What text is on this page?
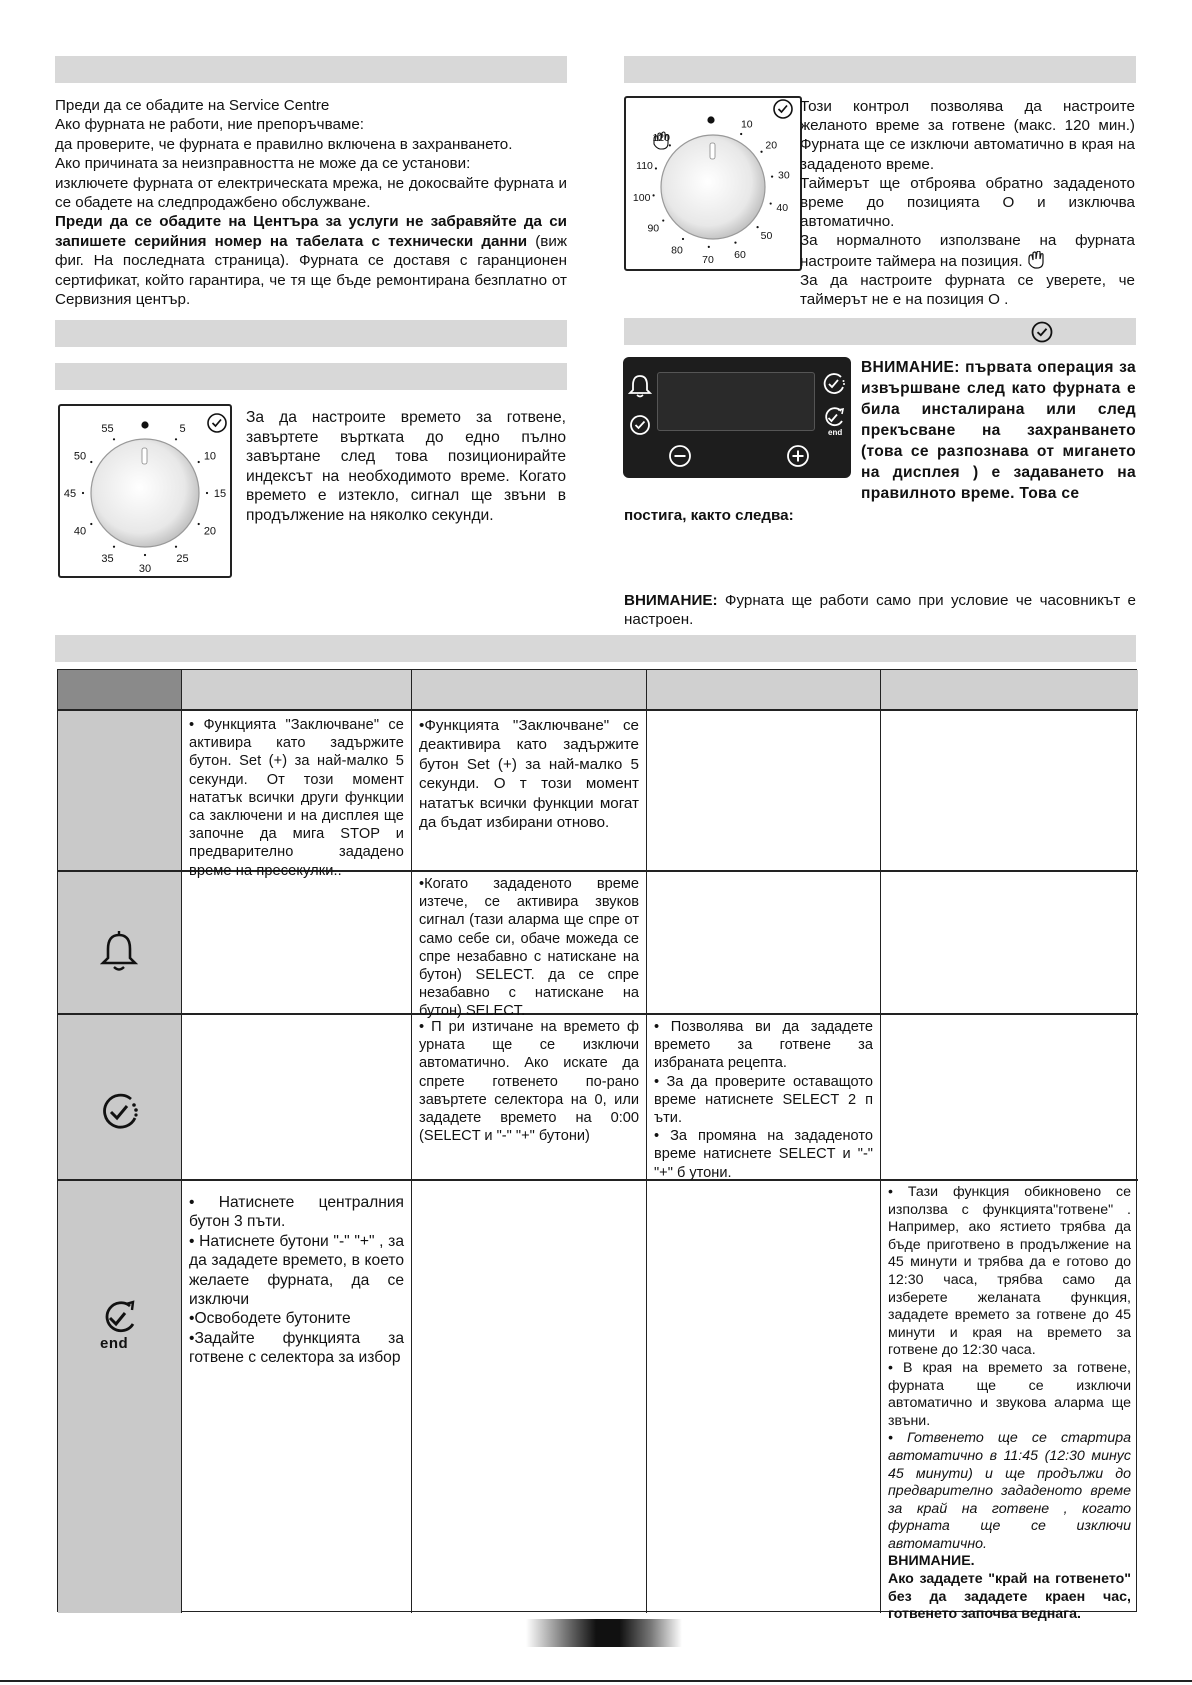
Преди да се обадите на Service Centre

Ако фурната не работи, ние препоръчваме:

да проверите, че фурната е правилно включена в захранването.

Ако причината за неизправността не може да се установи:

изключете фурната от електрическата мрежа, не докосвайте фурната и се обадете на следпродажбено обслужване.

Преди да се обадите на Центъра за услуги не забравяйте да си запишете серийния номер на табелата с технически данни (виж фиг. На последната страница). Фурната се доставя с гаранционен сертификат, който гарантира, че тя ще бъде ремонтирана безплатно от Сервизния център.

5
10
15
20
25
30
35
40
45
50
55
За да настроите времето за готвене, завъртете въртката до едно пълно завъртане след това позиционирайте индексът на необходимото време. Когато времето е изтекло, сигнал ще звъни в продължение на няколко секунди.
10
20
30
40
50
60
70
80
90
100
110
120

Този контрол позволява да настроите желаното време за готвене (макс. 120 мин.) Фурната ще се изключи автоматично в края на зададеното време.

Таймерът ще отброява обратно зададеното време до позицията О и изключва автоматично.

За нормалното използване на фурната настроите таймера на позиция.

За да настроите фурната се уверете, че таймерът не е на позиция О .

end
ВНИМАНИЕ: първата операция за извършване след като фурната е била инсталирана или след прекъсване на захранването (това се разпознава от мигането на дисплея ) е задаването на правилното време. Това се
постига, както следва:
ВНИМАНИЕ: Фурната ще работи само при условие че часовникът е настроен.
• Функцията "Заключване" се активира като задържите бутон. Set (+) за най-малко 5 секунди. От този момент нататък всички други функции са заключени и на дисплея ще започне да мига STOP и предварително зададено време на пресекулки..
•Функцията "Заключване" се деактивира като задържите бутон Set (+) за най-малко 5 секунди. О т този момент нататък всички функции могат да бъдат избирани отново.
•Когато зададеното време изтече, се активира звуков сигнал (тази аларма ще спре от само себе си, обаче можеда се спре незабавно с натискане на бутон) SELECT. да се спре незабавно с натискане на бутон) SELECT.
• П ри изтичане на времето ф урната ще се изключи автоматично. Ако искате да спрете готвенето по-рано завъртете селектора на 0, или зададете времето на 0:00 (SELECT и "-" "+" бутони)

• Позволява ви да зададете времето за готвене за избраната рецепта.

• За да проверите оставащото време натиснете SELECT 2 п ъти.

• За промяна на зададеното време натиснете SELECT и "-" "+" б утони.

end

• Натиснете централния бутон 3 пъти.

• Натиснете бутони "-" "+" , за да зададете времето, в което желаете фурната, да се изключи

•Освободете бутоните

•Задайте функцията за готвене с селектора за избор

• Тази функция обикновено се използва с функцията"готвене" . Например, ако ястието трябва да бъде приготвено в продължение на 45 минути и трябва да е готово до 12:30 часа, трябва само да изберете желаната функция, зададете времето за готвене до 45 минути и края на времето за готвене до 12:30 часа.

• В края на времето за готвене, фурната ще се изключи автоматично и звукова аларма ще звъни.

• Готвенето ще се стартира автоматично в 11:45 (12:30 минус 45 минути) и ще продължи до предварително зададеното време за край на готвене , когато фурната ще се изключи автоматично.

ВНИМАНИЕ.

Ако зададете "край на готвенето" без да зададете краен час, готвенето започва веднага.
